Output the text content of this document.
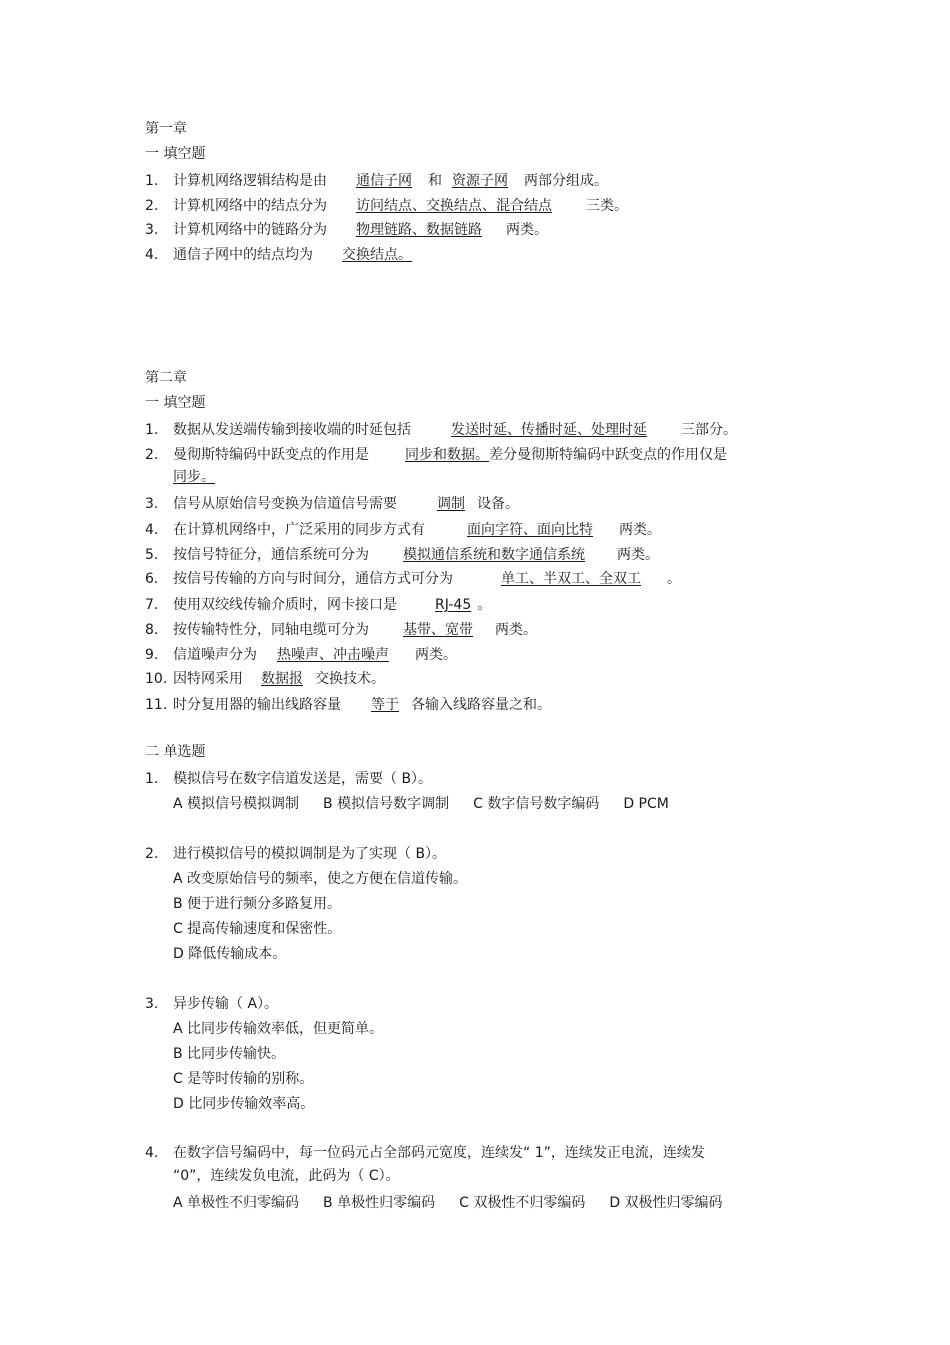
第一章
一 填空题
1. 计算机网络逻辑结构是由 通信子网 和 资源子网 两部分组成。
2. 计算机网络中的结点分为 访问结点、交换结点、混合结点 三类。
3. 计算机网络中的链路分为 物理链路、数据链路 两类。
4. 通信子网中的结点均为 交换结点。
第二章
一 填空题
1. 数据从发送端传输到接收端的时延包括	发送时延、传播时延、处理时延 三部分。
2. 曼彻斯特编码中跃变点的作用是	同步和数据。差分曼彻斯特编码中跃变点的作用仅是
同步。
3. 信号从原始信号变换为信道信号需要	调制 设备。
4. 在计算机网络中，广泛采用的同步方式有	面向字符、面向比特 两类。
5. 按信号特征分，通信系统可分为 模拟通信系统和数字通信系统 两类。
6. 按信号传输的方向与时间分，通信方式可分为	单工、半双工、全双工 。
7. 使用双绞线传输介质时，网卡接口是	RJ-45 。
8. 按传输特性分，同轴电缆可分为 基带、宽带 两类。
9. 信道噪声分为 热噪声、冲击噪声 两类。
10. 因特网采用 数据报 交换技术。
11. 时分复用器的输出线路容量 等于 各输入线路容量之和。
二 单选题
1. 模拟信号在数字信道发送是，需要（ B）。
A 模拟信号模拟调制 B 模拟信号数字调制 C 数字信号数字编码 D PCM
2. 进行模拟信号的模拟调制是为了实现（ B）。
A 改变原始信号的频率，使之方便在信道传输。
B 便于进行频分多路复用。
C 提高传输速度和保密性。
D 降低传输成本。
3. 异步传输（ A）。
A 比同步传输效率低，但更简单。
B 比同步传输快。
C 是等时传输的别称。
D 比同步传输效率高。
4. 在数字信号编码中，每一位码元占全部码元宽度，连续发“ 1”，连续发正电流，连续发
“0”，连续发负电流，此码为（ C）。
A 单极性不归零编码 B 单极性归零编码 C 双极性不归零编码 D 双极性归零编码
